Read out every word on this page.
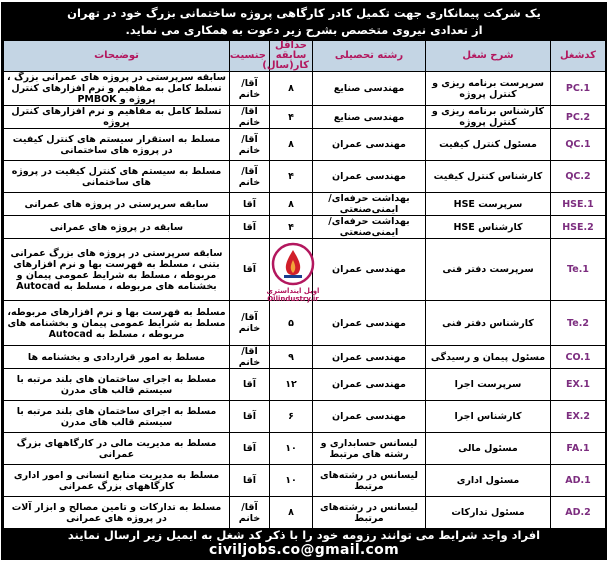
یک شرکت پیمانکاری جهت تکمیل کادر کارگاهی پروژه ساختمانی بزرگ خود در تهران
از تعدادی نیروی متخصص بشرح زیر دعوت به همکاری می نماید.
کدشغل	شرح شغل	رشته تحصیلی	حداقل سابقه کار(سال)	جنسیت	توضیحات
PC.1	سرپرست برنامه ریزی و کنترل پروژه	مهندسی صنایع	۸	آقا/خانم	سابقه سرپرستی در پروژه های عمرانی بزرگ ، تسلط کامل به مفاهیم و نرم افزارهای کنترل پروژه و PMBOK
PC.2	کارشناس برنامه ریزی و کنترل پروژه	مهندسی صنایع	۴	آقا/خانم	تسلط کامل به مفاهیم و نرم افزارهای کنترل پروژه
QC.1	مسئول کنترل کیفیت	مهندسی عمران	۸	آقا/خانم	مسلط به استقرار سیستم های کنترل کیفیت در پروژه های ساختمانی
QC.2	کارشناس کنترل کیفیت	مهندسی عمران	۴	آقا/خانم	مسلط به سیستم های کنترل کیفیت در پروژه های ساختمانی
HSE.1	سرپرست HSE	بهداشت حرفه‌ای/ایمنی‌صنعتی	۸	آقا	سابقه سرپرستی در پروژه های عمرانی
HSE.2	کارشناس HSE	بهداشت حرفه‌ای/ایمنی‌صنعتی	۴	آقا	سابقه در پروژه های عمرانی
Te.1	سرپرست دفتر فنی	مهندسی عمران		آقا	سابقه سرپرستی در پروژه های بزرگ عمرانی بتنی ، مسلط به فهرست بها و نرم افزارهای مربوطه ، مسلط به شرایط عمومی پیمان و بخشنامه های مربوطه ، مسلط به Autocad
Te.2	کارشناس دفتر فنی	مهندسی عمران	۵	آقا/خانم	مسلط به فهرست بها و نرم افزارهای مربوطه، مسلط به شرایط عمومی پیمان و بخشنامه های مربوطه ، مسلط به Autocad
CO.1	مسئول پیمان و رسیدگی	مهندسی عمران	۹	آقا/خانم	مسلط به امور قراردادی و بخشنامه ها
EX.1	سرپرست اجرا	مهندسی عمران	۱۲	آقا	مسلط به اجرای ساختمان های بلند مرتبه با سیستم قالب های مدرن
EX.2	کارشناس اجرا	مهندسی عمران	۶	آقا	مسلط به اجرای ساختمان های بلند مرتبه با سیستم قالب های مدرن
FA.1	مسئول مالی	لیسانس حسابداری و رشته های مرتبط	۱۰	آقا	مسلط به مدیریت مالی در کارگاههای بزرگ عمرانی
AD.1	مسئول اداری	لیسانس در رشته‌های مرتبط	۱۰	آقا	مسلط به مدیریت منابع انسانی و امور اداری کارگاههای بزرگ عمرانی
AD.2	مسئول تدارکات	لیسانس در رشته‌های مرتبط	۸	آقا/خانم	مسلط به تدارکات و تامین مصالح و ابزار آلات در پروژه های عمرانی
اویل اینداستری
Oilindustry.ir
افراد واجد شرایط می توانند رزومه خود را با ذکر کد شغل به ایمیل زیر ارسال نمایند
civiljobs.co@gmail.com
